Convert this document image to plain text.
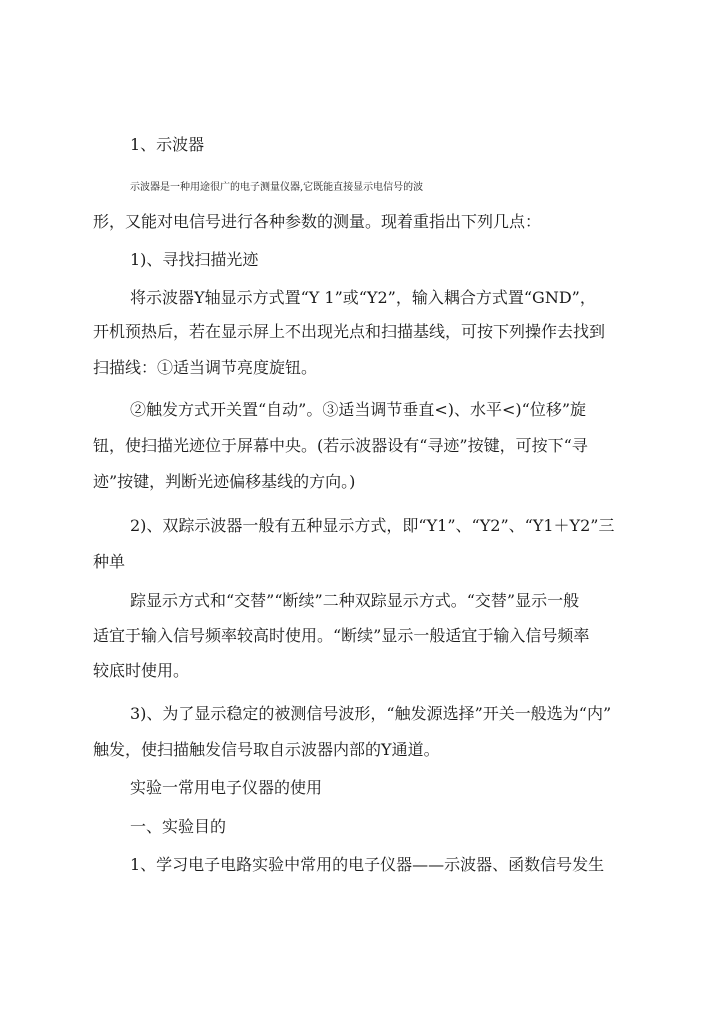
1、示波器
示波器是一种用途很广的电子测量仪器,它既能直接显示电信号的波
形，又能对电信号进行各种参数的测量。现着重指出下列几点：
1)、寻找扫描光迹
将示波器Y轴显示方式置“Y 1”或“Y2”，输入耦合方式置“GND”，
开机预热后，若在显示屏上不出现光点和扫描基线，可按下列操作去找到
扫描线：①适当调节亮度旋钮。
②触发方式开关置“自动”。③适当调节垂直<)、水平<)“位移”旋
钮，使扫描光迹位于屏幕中央。(若示波器设有“寻迹”按键，可按下“寻
迹”按键，判断光迹偏移基线的方向。)
2)、双踪示波器一般有五种显示方式，即“Y1”、“Y2”、“Y1＋Y2”三
种单
踪显示方式和“交替”“断续”二种双踪显示方式。“交替”显示一般
适宜于输入信号频率较高时使用。“断续”显示一般适宜于输入信号频率
较底时使用。
3)、为了显示稳定的被测信号波形，“触发源选择”开关一般选为“内”
触发，使扫描触发信号取自示波器内部的Y通道。
实验一常用电子仪器的使用
一、实验目的
1、学习电子电路实验中常用的电子仪器——示波器、函数信号发生
